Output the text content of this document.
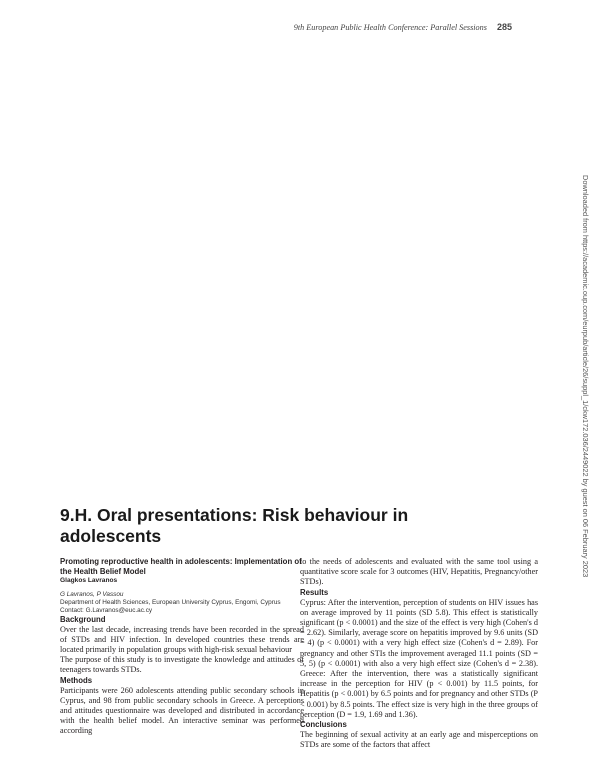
9th European Public Health Conference: Parallel Sessions 285
Downloaded from https://academic.oup.com/eurpub/article/26/suppl_1/ckw172.036/2449022 by guest on 06 February 2023
9.H. Oral presentations: Risk behaviour in adolescents
Promoting reproductive health in adolescents: Implementation of the Health Belief Model
Glagkos Lavranos
G Lavranos, P Vassou
Department of Health Sciences, European University Cyprus, Engomi, Cyprus
Contact: G.Lavranos@euc.ac.cy
Background

Over the last decade, increasing trends have been recorded in the spread of STDs and HIV infection. In developed countries these trends are located primarily in population groups with high-risk sexual behaviour

The purpose of this study is to investigate the knowledge and attitudes of teenagers towards STDs.

Methods

Participants were 260 adolescents attending public secondary schools in Cyprus, and 98 from public secondary schools in Greece. A perceptions and attitudes questionnaire was developed and distributed in accordance with the health belief model. An interactive seminar was performed according

to the needs of adolescents and evaluated with the same tool using a quantitative score scale for 3 outcomes (HIV, Hepatitis, Pregnancy/other STDs).

Results

Cyprus: After the intervention, perception of students on HIV issues has on average improved by 11 points (SD 5.8). This effect is statistically significant (p < 0.0001) and the size of the effect is very high (Cohen's d = 2.62). Similarly, average score on hepatitis improved by 9.6 units (SD = 4) (p < 0.0001) with a very high effect size (Cohen's d = 2.89). For pregnancy and other STIs the improvement averaged 11.1 points (SD = 5, 5) (p < 0.0001) with also a very high effect size (Cohen's d = 2.38). Greece: After the intervention, there was a statistically significant increase in the perception for HIV (p < 0.001) by 11.5 points, for Hepatitis (p < 0.001) by 6.5 points and for pregnancy and other STDs (P < 0.001) by 8.5 points. The effect size is very high in the three groups of perception (D = 1.9, 1.69 and 1.36).

Conclusions

The beginning of sexual activity at an early age and misperceptions on STDs are some of the factors that affect
